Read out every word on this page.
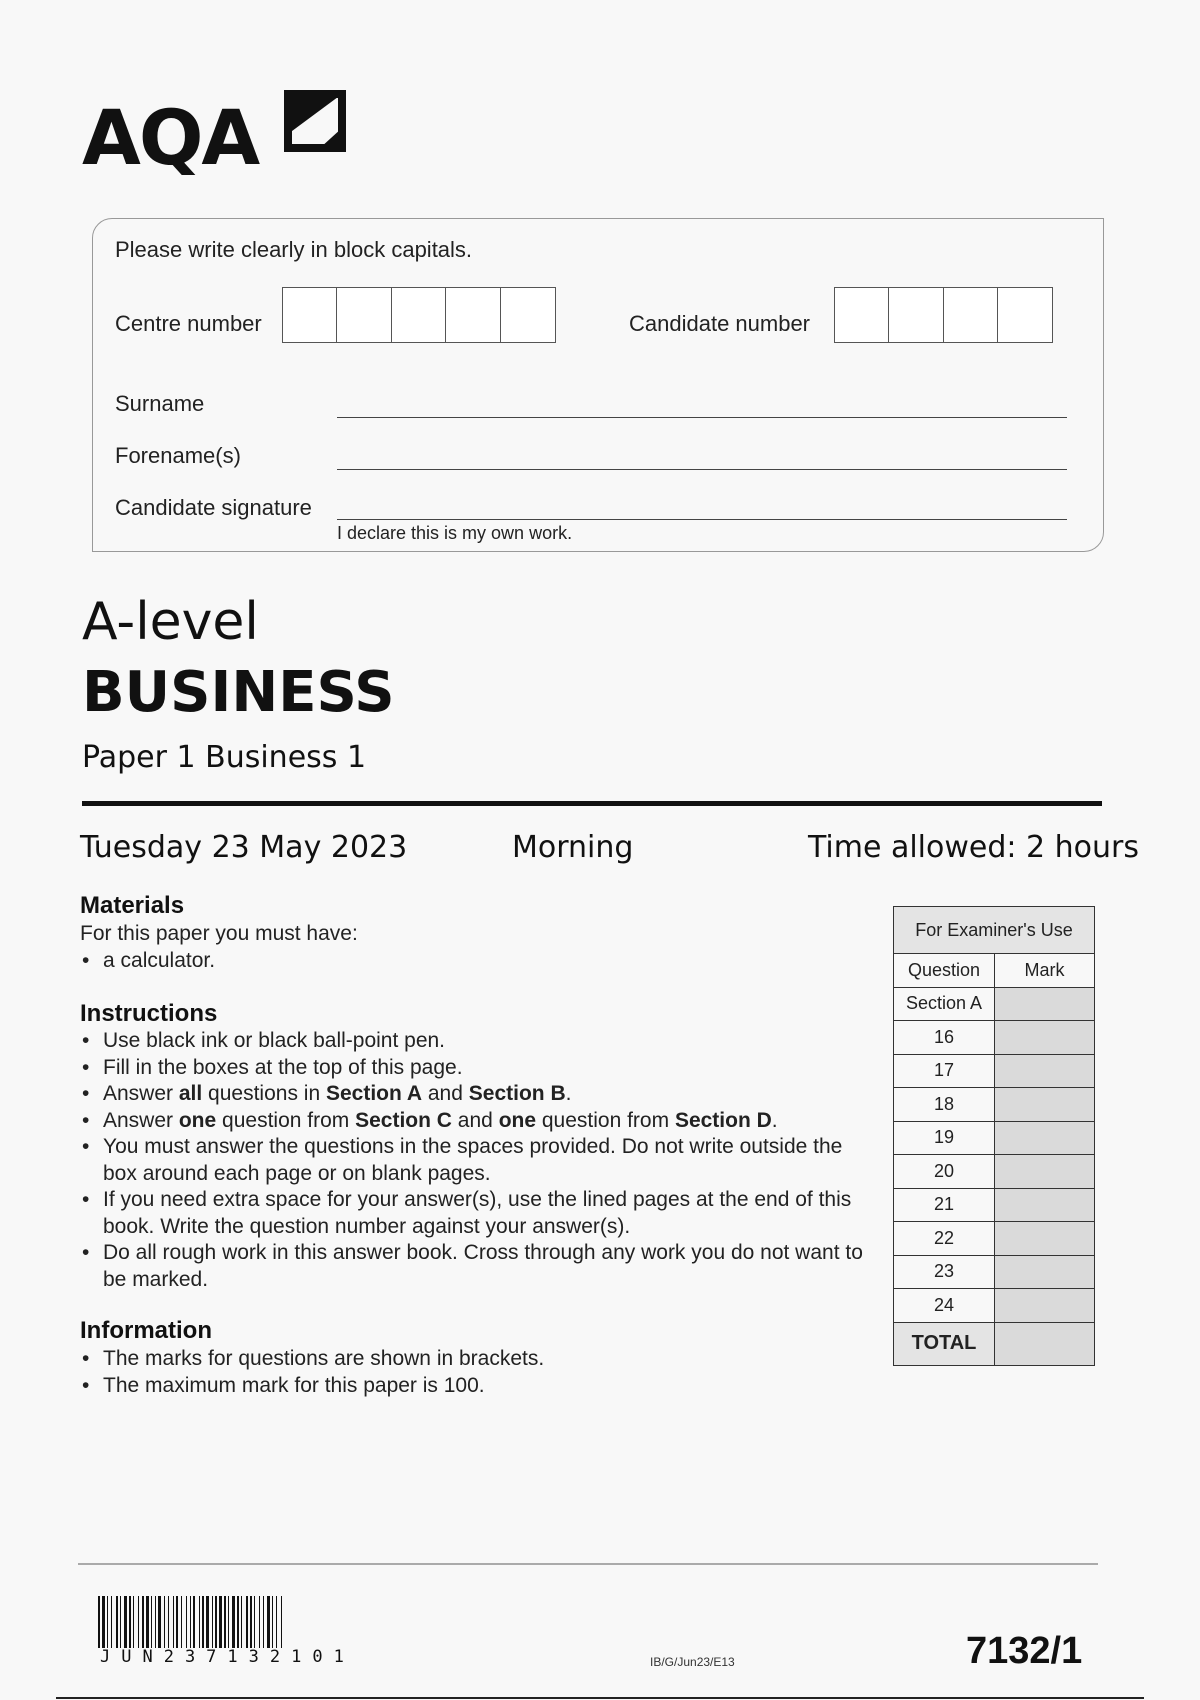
AQA
Please write clearly in block capitals.
Centre number	Candidate number
Surname
Forename(s)
Candidate signature
I declare this is my own work.
A-level
BUSINESS
Paper 1 Business 1
Tuesday 23 May 2023	Morning	Time allowed: 2 hours
Materials
For this paper you must have:
• a calculator.
Instructions
• Use black ink or black ball-point pen.
• Fill in the boxes at the top of this page.
• Answer all questions in Section A and Section B.
• Answer one question from Section C and one question from Section D.
• You must answer the questions in the spaces provided. Do not write outside the box around each page or on blank pages.
• If you need extra space for your answer(s), use the lined pages at the end of this book. Write the question number against your answer(s).
• Do all rough work in this answer book. Cross through any work you do not want to be marked.
Information
• The marks for questions are shown in brackets.
• The maximum mark for this paper is 100.
For Examiner's Use	
Question	Mark
Section A	
16	
17	
18	
19	
20	
21	
22	
23	
24	
TOTAL	
JUN237132101	IB/G/Jun23/E13	7132/1
